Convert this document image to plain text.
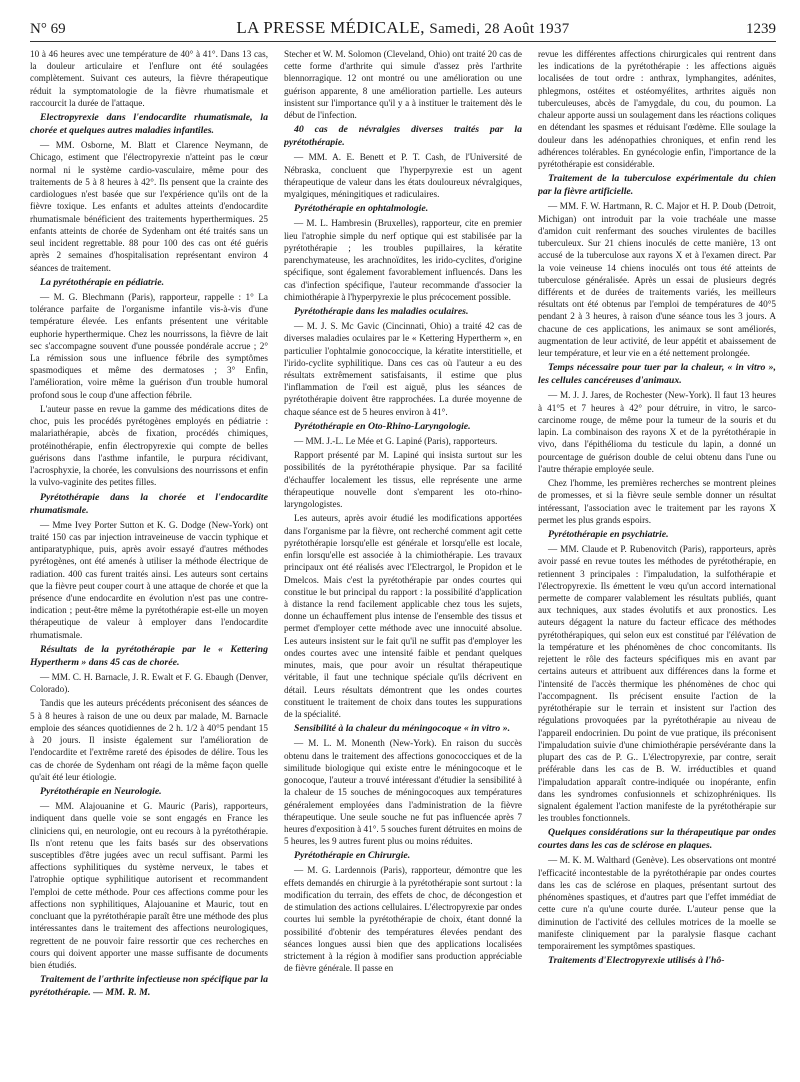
N° 69	LA PRESSE MÉDICALE, Samedi, 28 Août 1937	1239

10 à 46 heures avec une température de 40° à 41°. Dans 13 cas, la douleur articulaire et l'enflure ont été soulagées complètement. Suivant ces auteurs, la fièvre thérapeutique réduit la symptomatologie de la fièvre rhumatismale et raccourcit la durée de l'attaque.

Electropyrexie dans l'endocardite rhumatismale, la chorée et quelques autres maladies infantiles.

— MM. Osborne, M. Blatt et Clarence Neymann, de Chicago, estiment que l'électropyrexie n'atteint pas le cœur normal ni le système cardio-vasculaire, même pour des traitements de 5 à 8 heures à 42°. Ils pensent que la crainte des cardiologues n'est basée que sur l'expérience qu'ils ont de la fièvre toxique. Les enfants et adultes atteints d'endocardite rhumatismale bénéficient des traitements hyperthermiques. 25 enfants atteints de chorée de Sydenham ont été traités sans un seul incident regrettable. 88 pour 100 des cas ont été guéris après 2 semaines d'hospitalisation représentant environ 4 séances de traitement.

La pyrétothérapie en pédiatrie.

— M. G. Blechmann (Paris), rapporteur, rappelle : 1° La tolérance parfaite de l'organisme infantile vis-à-vis d'une température élevée. Les enfants présentent une véritable euphorie hyperthermique. Chez les nourrissons, la fièvre de lait sec s'accompagne souvent d'une poussée pondérale accrue ; 2° La rémission sous une influence fébrile des symptômes spasmodiques et même des dermatoses ; 3° Enfin, l'amélioration, voire même la guérison d'un trouble humoral profond sous le coup d'une affection fébrile.

L'auteur passe en revue la gamme des médications dites de choc, puis les procédés pyrétogènes employés en pédiatrie : malariathérapie, abcès de fixation, procédés chimiques, protéinothérapie, enfin électropyrexie qui compte de belles guérisons dans l'asthme infantile, le purpura récidivant, l'acrosphyxie, la chorée, les convulsions des nourrissons et enfin la vulvo-vaginite des petites filles.

Pyrétothérapie dans la chorée et l'endocardite rhumatismale.

— Mme Ivey Porter Sutton et K. G. Dodge (New-York) ont traité 150 cas par injection intraveineuse de vaccin typhique et antiparatyphique, puis, après avoir essayé d'autres méthodes pyrétogènes, ont été amenés à utiliser la méthode électrique de radiation. 400 cas furent traités ainsi. Les auteurs sont certains que la fièvre peut couper court à une attaque de chorée et que la présence d'une endocardite en évolution n'est pas une contre-indication ; peut-être même la pyrétothérapie est-elle un moyen thérapeutique de valeur à employer dans l'endocardite rhumatismale.

Résultats de la pyrétothérapie par le « Kettering Hypertherm » dans 45 cas de chorée.

— MM. C. H. Barnacle, J. R. Ewalt et F. G. Ebaugh (Denver, Colorado).

Tandis que les auteurs précédents préconisent des séances de 5 à 8 heures à raison de une ou deux par malade, M. Barnacle emploie des séances quotidiennes de 2 h. 1/2 à 40°5 pendant 15 à 20 jours. Il insiste également sur l'amélioration de l'endocardite et l'extrême rareté des épisodes de délire. Tous les cas de chorée de Sydenham ont réagi de la même façon quelle qu'ait été leur étiologie.

Pyrétothérapie en Neurologie.

— MM. Alajouanine et G. Mauric (Paris), rapporteurs, indiquent dans quelle voie se sont engagés en France les cliniciens qui, en neurologie, ont eu recours à la pyrétothérapie. Ils n'ont retenu que les faits basés sur des observations susceptibles d'être jugées avec un recul suffisant. Parmi les affections syphilitiques du système nerveux, le tabes et l'atrophie optique syphilitique autorisent et recommandent l'emploi de cette méthode. Pour ces affections comme pour les affections non syphilitiques, Alajouanine et Mauric, tout en concluant que la pyrétothérapie paraît être une méthode des plus intéressantes dans le traitement des affections neurologiques, regrettent de ne pouvoir faire ressortir que ces recherches en cours qui doivent apporter une masse suffisante de documents bien étudiés.

Traitement de l'arthrite infectieuse non spécifique par la pyrétothérapie. — MM. R. M.

Stecher et W. M. Solomon (Cleveland, Ohio) ont traité 20 cas de cette forme d'arthrite qui simule d'assez près l'arthrite blennorragique. 12 ont montré ou une amélioration ou une guérison apparente, 8 une amélioration partielle. Les auteurs insistent sur l'importance qu'il y a à instituer le traitement dès le début de l'infection.

40 cas de névralgies diverses traités par la pyrétothérapie.

— MM. A. E. Benett et P. T. Cash, de l'Université de Nébraska, concluent que l'hyperpyrexie est un agent thérapeutique de valeur dans les états douloureux névralgiques, myalgiques, méningitiques et radiculaires.

Pyrétothérapie en ophtalmologie.

— M. L. Hambresin (Bruxelles), rapporteur, cite en premier lieu l'atrophie simple du nerf optique qui est stabilisée par la pyrétothérapie ; les troubles pupillaires, la kératite parenchymateuse, les arachnoïdites, les irido-cyclites, d'origine spécifique, sont également favorablement influencés. Dans les cas d'infection spécifique, l'auteur recommande d'associer la chimiothérapie à l'hyperpyrexie le plus précocement possible.

Pyrétothérapie dans les maladies oculaires.

— M. J. S. Mc Gavic (Cincinnati, Ohio) a traité 42 cas de diverses maladies oculaires par le « Kettering Hypertherm », en particulier l'ophtalmie gonococcique, la kératite interstitielle, et l'irido-cyclite syphilitique. Dans ces cas où l'auteur a eu des résultats extrêmement satisfaisants, il estime que plus l'inflammation de l'œil est aiguë, plus les séances de pyrétothérapie doivent être rapprochées. La durée moyenne de chaque séance est de 5 heures environ à 41°.

Pyrétothérapie en Oto-Rhino-Laryngologie.

— MM. J.-L. Le Mée et G. Lapiné (Paris), rapporteurs.

Rapport présenté par M. Lapiné qui insista surtout sur les possibilités de la pyrétothérapie physique. Par sa facilité d'échauffer localement les tissus, elle représente une arme thérapeutique nouvelle dont s'emparent les oto-rhino-laryngologistes.

Les auteurs, après avoir étudié les modifications apportées dans l'organisme par la fièvre, ont recherché comment agit cette pyrétothérapie lorsqu'elle est générale et lorsqu'elle est locale, enfin lorsqu'elle est associée à la chimiothérapie. Les travaux principaux ont été réalisés avec l'Electrargol, le Propidon et le Dmelcos. Mais c'est la pyrétothérapie par ondes courtes qui constitue le but principal du rapport : la possibilité d'application à distance la rend facilement applicable chez tous les sujets, donne un échauffement plus intense de l'ensemble des tissus et permet d'employer cette méthode avec une innocuité absolue. Les auteurs insistent sur le fait qu'il ne suffit pas d'employer les ondes courtes avec une intensité faible et pendant quelques minutes, mais, que pour avoir un résultat thérapeutique véritable, il faut une technique spéciale qu'ils décrivent en détail. Leurs résultats démontrent que les ondes courtes constituent le traitement de choix dans toutes les suppurations de la spécialité.

Sensibilité à la chaleur du méningocoque « in vitro ».

— M. L. M. Monenth (New-York). En raison du succès obtenu dans le traitement des affections gonococciques et de la similitude biologique qui existe entre le méningocoque et le gonocoque, l'auteur a trouvé intéressant d'étudier la sensibilité à la chaleur de 15 souches de méningocoques aux températures généralement employées dans l'administration de la fièvre thérapeutique. Une seule souche ne fut pas influencée après 7 heures d'exposition à 41°. 5 souches furent détruites en moins de 5 heures, les 9 autres furent plus ou moins réduites.

Pyrétothérapie en Chirurgie.

— M. G. Lardennois (Paris), rapporteur, démontre que les effets demandés en chirurgie à la pyrétothérapie sont surtout : la modification du terrain, des effets de choc, de décongestion et de stimulation des actions cellulaires. L'électropyrexie par ondes courtes lui semble la pyrétothérapie de choix, étant donné la possibilité d'obtenir des températures élevées pendant des séances longues aussi bien que des applications localisées strictement à la région à modifier sans production appréciable de fièvre générale. Il passe en

revue les différentes affections chirurgicales qui rentrent dans les indications de la pyrétothérapie : les affections aiguës localisées de tout ordre : anthrax, lymphangites, adénites, phlegmons, ostéites et ostéomyélites, arthrites aiguës non tuberculeuses, abcès de l'amygdale, du cou, du poumon. La chaleur apporte aussi un soulagement dans les réactions coliques en détendant les spasmes et réduisant l'œdème. Elle soulage la douleur dans les adénopathies chroniques, et enfin rend les adhérences tolérables. En gynécologie enfin, l'importance de la pyrétothérapie est considérable.

Traitement de la tuberculose expérimentale du chien par la fièvre artificielle.

— MM. F. W. Hartmann, R. C. Major et H. P. Doub (Detroit, Michigan) ont introduit par la voie trachéale une masse d'amidon cuit renfermant des souches virulentes de bacilles tuberculeux. Sur 21 chiens inoculés de cette manière, 13 ont accusé de la tuberculose aux rayons X et à l'examen direct. Par la voie veineuse 14 chiens inoculés ont tous été atteints de tuberculose généralisée. Après un essai de plusieurs degrés différents et de durées de traitements variés, les meilleurs résultats ont été obtenus par l'emploi de températures de 40°5 pendant 2 à 3 heures, à raison d'une séance tous les 3 jours. A chacune de ces applications, les animaux se sont améliorés, augmentation de leur activité, de leur appétit et abaissement de leur température, et leur vie en a été nettement prolongée.

Temps nécessaire pour tuer par la chaleur, « in vitro », les cellules cancéreuses d'animaux.

— M. J. J. Jares, de Rochester (New-York). Il faut 13 heures à 41°5 et 7 heures à 42° pour détruire, in vitro, le sarco-carcinome rouge, de même pour la tumeur de la souris et du lapin. La combinaison des rayons X et de la pyrétothérapie in vivo, dans l'épithélioma du testicule du lapin, a donné un pourcentage de guérison double de celui obtenu dans l'une ou l'autre thérapie employée seule.

Chez l'homme, les premières recherches se montrent pleines de promesses, et si la fièvre seule semble donner un résultat intéressant, l'association avec le traitement par les rayons X permet les plus grands espoirs.

Pyrétothérapie en psychiatrie.

— MM. Claude et P. Rubenovitch (Paris), rapporteurs, après avoir passé en revue toutes les méthodes de pyrétothérapie, en retiennent 3 principales : l'impaludation, la sulfothérapie et l'électropyrexie. Ils émettent le vœu qu'un accord international permette de comparer valablement les résultats publiés, quant aux techniques, aux stades évolutifs et aux pronostics. Les auteurs dégagent la nature du facteur efficace des méthodes pyrétothérapiques, qui selon eux est constitué par l'élévation de la température et les phénomènes de choc concomitants. Ils rejettent le rôle des facteurs spécifiques mis en avant par certains auteurs et attribuent aux différences dans la forme et l'intensité de l'accès thermique les phénomènes de choc qui l'accompagnent. Ils précisent ensuite l'action de la pyrétothérapie sur le terrain et insistent sur l'action des régulations provoquées par la pyrétothérapie au niveau de l'appareil endocrinien. Du point de vue pratique, ils préconisent l'impaludation suivie d'une chimiothérapie persévérante dans la plupart des cas de P. G.. L'électropyrexie, par contre, serait préférable dans les cas de B. W. irréductibles et quand l'impaludation apparaît contre-indiquée ou inopérante, enfin dans les syndromes confusionnels et schizophréniques. Ils signalent également l'action manifeste de la pyrétothérapie sur les troubles fonctionnels.

Quelques considérations sur la thérapeutique par ondes courtes dans les cas de sclérose en plaques.

— M. K. M. Walthard (Genève). Les observations ont montré l'efficacité incontestable de la pyrétothérapie par ondes courtes dans les cas de sclérose en plaques, présentant surtout des phénomènes spastiques, et d'autres part que l'effet immédiat de cette cure n'a qu'une courte durée. L'auteur pense que la diminution de l'activité des cellules motrices de la moelle se manifeste cliniquement par la paralysie flasque cachant temporairement les symptômes spastiques.

Traitements d'Electropyrexie utilisés à l'hô-
